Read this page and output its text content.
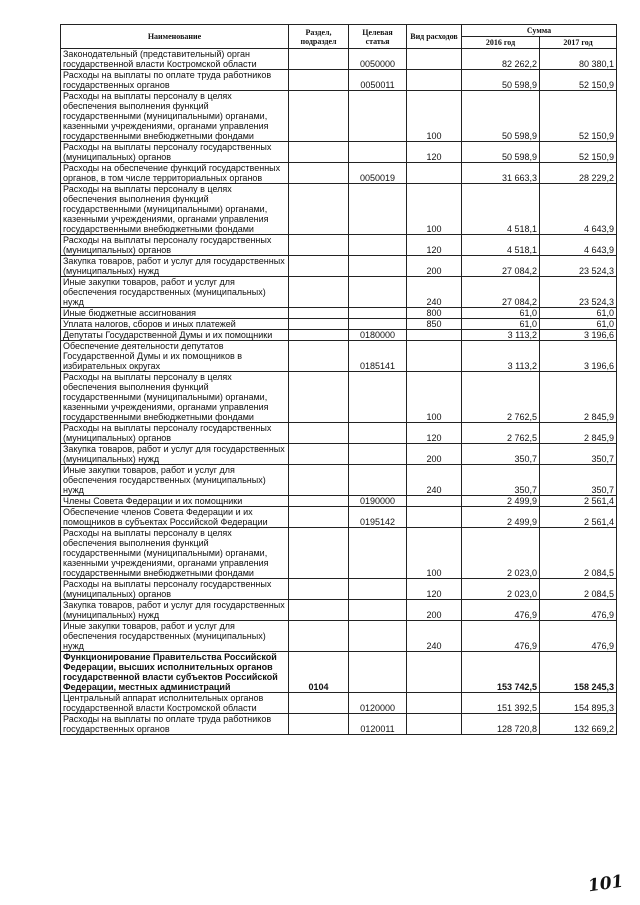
Наименование	Раздел, подраздел	Целевая статья	Вид расходов	Сумма	
				2016 год	2017 год
Законодательный (представительный) орган государственной власти Костромской области		0050000		82 262,2	80 380,1
Расходы на выплаты по оплате труда работников государственных органов		0050011		50 598,9	52 150,9
Расходы на выплаты персоналу в целях обеспечения выполнения функций государственными (муниципальными) органами, казенными учреждениями, органами управления государственными внебюджетными фондами			100	50 598,9	52 150,9
Расходы на выплаты персоналу государственных (муниципальных) органов			120	50 598,9	52 150,9
Расходы на обеспечение функций государственных органов, в том числе территориальных органов		0050019		31 663,3	28 229,2
Расходы на выплаты персоналу в целях обеспечения выполнения функций государственными (муниципальными) органами, казенными учреждениями, органами управления государственными внебюджетными фондами			100	4 518,1	4 643,9
Расходы на выплаты персоналу государственных (муниципальных) органов			120	4 518,1	4 643,9
Закупка товаров, работ и услуг для государственных (муниципальных) нужд			200	27 084,2	23 524,3
Иные закупки товаров, работ и услуг для обеспечения государственных (муниципальных) нужд			240	27 084,2	23 524,3
Иные бюджетные ассигнования			800	61,0	61,0
Уплата налогов, сборов и иных платежей			850	61,0	61,0
Депутаты Государственной Думы и их помощники		0180000		3 113,2	3 196,6
Обеспечение деятельности депутатов Государственной Думы и их помощников в избирательных округах		0185141		3 113,2	3 196,6
Расходы на выплаты персоналу в целях обеспечения выполнения функций государственными (муниципальными) органами, казенными учреждениями, органами управления государственными внебюджетными фондами			100	2 762,5	2 845,9
Расходы на выплаты персоналу государственных (муниципальных) органов			120	2 762,5	2 845,9
Закупка товаров, работ и услуг для государственных (муниципальных) нужд			200	350,7	350,7
Иные закупки товаров, работ и услуг для обеспечения государственных (муниципальных) нужд			240	350,7	350,7
Члены Совета Федерации и их помощники		0190000		2 499,9	2 561,4
Обеспечение членов Совета Федерации и их помощников в субъектах Российской Федерации		0195142		2 499,9	2 561,4
Расходы на выплаты персоналу в целях обеспечения выполнения функций государственными (муниципальными) органами, казенными учреждениями, органами управления государственными внебюджетными фондами			100	2 023,0	2 084,5
Расходы на выплаты персоналу государственных (муниципальных) органов			120	2 023,0	2 084,5
Закупка товаров, работ и услуг для государственных (муниципальных) нужд			200	476,9	476,9
Иные закупки товаров, работ и услуг для обеспечения государственных (муниципальных) нужд			240	476,9	476,9
Функционирование Правительства Российской Федерации, высших исполнительных органов государственной власти субъектов Российской Федерации, местных администраций	0104			153 742,5	158 245,3
Центральный аппарат исполнительных органов государственной власти Костромской области		0120000		151 392,5	154 895,3
Расходы на выплаты по оплате труда работников государственных органов		0120011		128 720,8	132 669,2
101
